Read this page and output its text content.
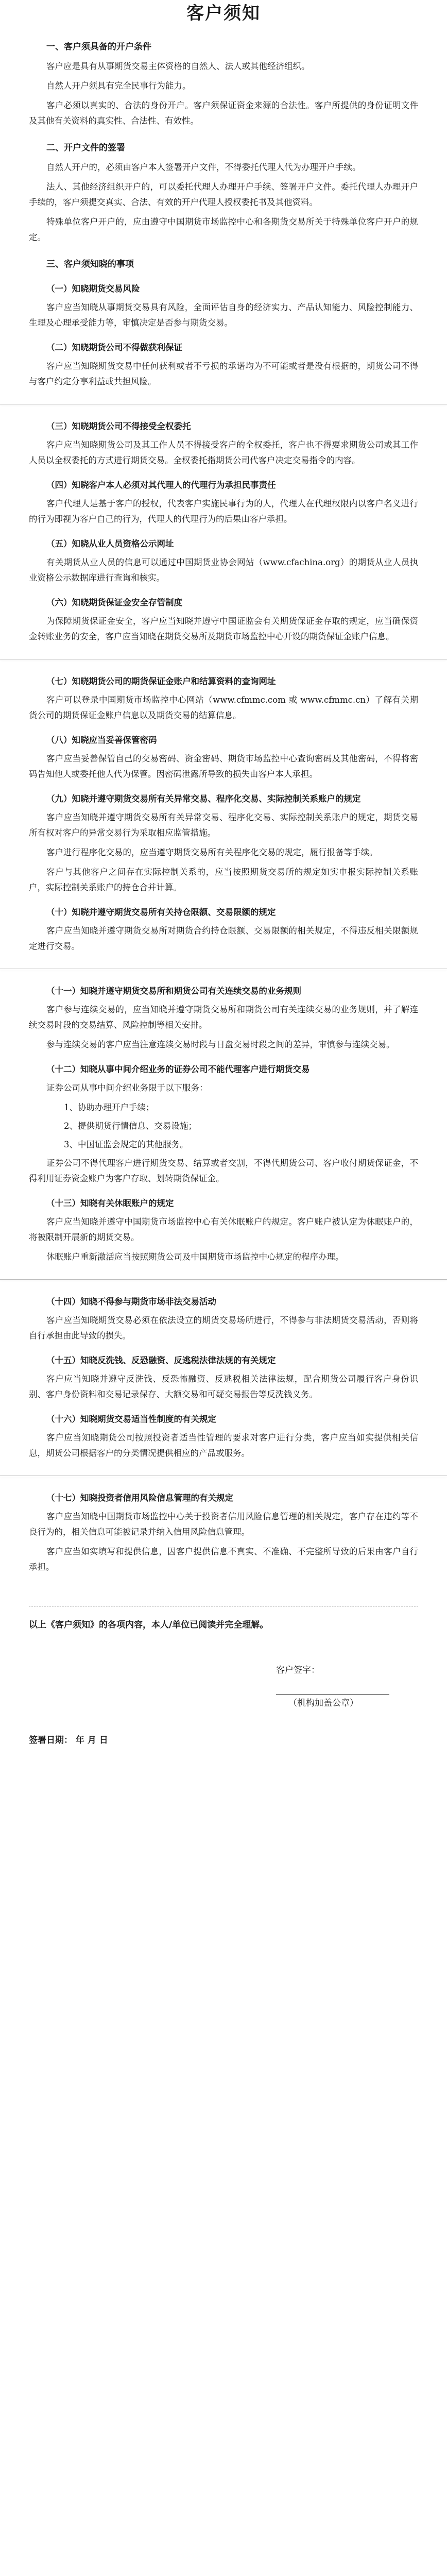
客户须知
一、客户须具备的开户条件

客户应是具有从事期货交易主体资格的自然人、法人或其他经济组织。

自然人开户须具有完全民事行为能力。

客户必须以真实的、合法的身份开户。客户须保证资金来源的合法性。客户所提供的身份证明文件及其他有关资料的真实性、合法性、有效性。

二、开户文件的签署

自然人开户的，必须由客户本人签署开户文件，不得委托代理人代为办理开户手续。

法人、其他经济组织开户的，可以委托代理人办理开户手续、签署开户文件。委托代理人办理开户手续的，客户须提交真实、合法、有效的开户代理人授权委托书及其他资料。

特殊单位客户开户的，应由遵守中国期货市场监控中心和各期货交易所关于特殊单位客户开户的规定。

三、客户须知晓的事项
（一）知晓期货交易风险

客户应当知晓从事期货交易具有风险，全面评估自身的经济实力、产品认知能力、风险控制能力、生理及心理承受能力等，审慎决定是否参与期货交易。

（二）知晓期货公司不得做获利保证

客户应当知晓期货交易中任何获利或者不亏损的承诺均为不可能或者是没有根据的，期货公司不得与客户约定分享利益或共担风险。

（三）知晓期货公司不得接受全权委托

客户应当知晓期货公司及其工作人员不得接受客户的全权委托，客户也不得要求期货公司或其工作人员以全权委托的方式进行期货交易。全权委托指期货公司代客户决定交易指令的内容。

（四）知晓客户本人必须对其代理人的代理行为承担民事责任

客户代理人是基于客户的授权，代表客户实施民事行为的人，代理人在代理权限内以客户名义进行的行为即视为客户自己的行为，代理人的代理行为的后果由客户承担。

（五）知晓从业人员资格公示网址

有关期货从业人员的信息可以通过中国期货业协会网站（www.cfachina.org）的期货从业人员执业资格公示数据库进行查询和核实。

（六）知晓期货保证金安全存管制度

为保障期货保证金安全，客户应当知晓并遵守中国证监会有关期货保证金存取的规定，应当确保资金转账业务的安全，客户应当知晓在期货交易所及期货市场监控中心开设的期货保证金账户信息。

（七）知晓期货公司的期货保证金账户和结算资料的查询网址

客户可以登录中国期货市场监控中心网站（www.cfmmc.com 或 www.cfmmc.cn）了解有关期货公司的期货保证金账户信息以及期货交易的结算信息。

（八）知晓应当妥善保管密码

客户应当妥善保管自己的交易密码、资金密码、期货市场监控中心查询密码及其他密码，不得将密码告知他人或委托他人代为保管。因密码泄露所导致的损失由客户本人承担。

（九）知晓并遵守期货交易所有关异常交易、程序化交易、实际控制关系账户的规定

客户应当知晓并遵守期货交易所有关异常交易、程序化交易、实际控制关系账户的规定，期货交易所有权对客户的异常交易行为采取相应监管措施。

客户进行程序化交易的，应当遵守期货交易所有关程序化交易的规定，履行报备等手续。

客户与其他客户之间存在实际控制关系的，应当按照期货交易所的规定如实申报实际控制关系账户，实际控制关系账户的持仓合并计算。

（十）知晓并遵守期货交易所有关持仓限额、交易限额的规定

客户应当知晓并遵守期货交易所对期货合约持仓限额、交易限额的相关规定，不得违反相关限额规定进行交易。

（十一）知晓并遵守期货交易所和期货公司有关连续交易的业务规则

客户参与连续交易的，应当知晓并遵守期货交易所和期货公司有关连续交易的业务规则，并了解连续交易时段的交易结算、风险控制等相关安排。

参与连续交易的客户应当注意连续交易时段与日盘交易时段之间的差异，审慎参与连续交易。

（十二）知晓从事中间介绍业务的证券公司不能代理客户进行期货交易

证券公司从事中间介绍业务限于以下服务：

1、协助办理开户手续；
2、提供期货行情信息、交易设施；
3、中国证监会规定的其他服务。

证券公司不得代理客户进行期货交易、结算或者交割，不得代期货公司、客户收付期货保证金，不得利用证券资金账户为客户存取、划转期货保证金。

（十三）知晓有关休眠账户的规定

客户应当知晓并遵守中国期货市场监控中心有关休眠账户的规定。客户账户被认定为休眠账户的，将被限制开展新的期货交易。

休眠账户重新激活应当按照期货公司及中国期货市场监控中心规定的程序办理。

（十四）知晓不得参与期货市场非法交易活动

客户应当知晓期货交易必须在依法设立的期货交易场所进行，不得参与非法期货交易活动，否则将自行承担由此导致的损失。

（十五）知晓反洗钱、反恐融资、反逃税法律法规的有关规定

客户应当知晓并遵守反洗钱、反恐怖融资、反逃税相关法律法规，配合期货公司履行客户身份识别、客户身份资料和交易记录保存、大额交易和可疑交易报告等反洗钱义务。

（十六）知晓期货交易适当性制度的有关规定

客户应当知晓期货公司按照投资者适当性管理的要求对客户进行分类，客户应当如实提供相关信息，期货公司根据客户的分类情况提供相应的产品或服务。

（十七）知晓投资者信用风险信息管理的有关规定

客户应当知晓中国期货市场监控中心关于投资者信用风险信息管理的相关规定，客户存在违约等不良行为的，相关信息可能被记录并纳入信用风险信息管理。

客户应当如实填写和提供信息，因客户提供信息不真实、不准确、不完整所导致的后果由客户自行承担。

以上《客户须知》的各项内容，本人/单位已阅读并完全理解。
客户签字：
（机构加盖公章）
签署日期： 年 月 日
